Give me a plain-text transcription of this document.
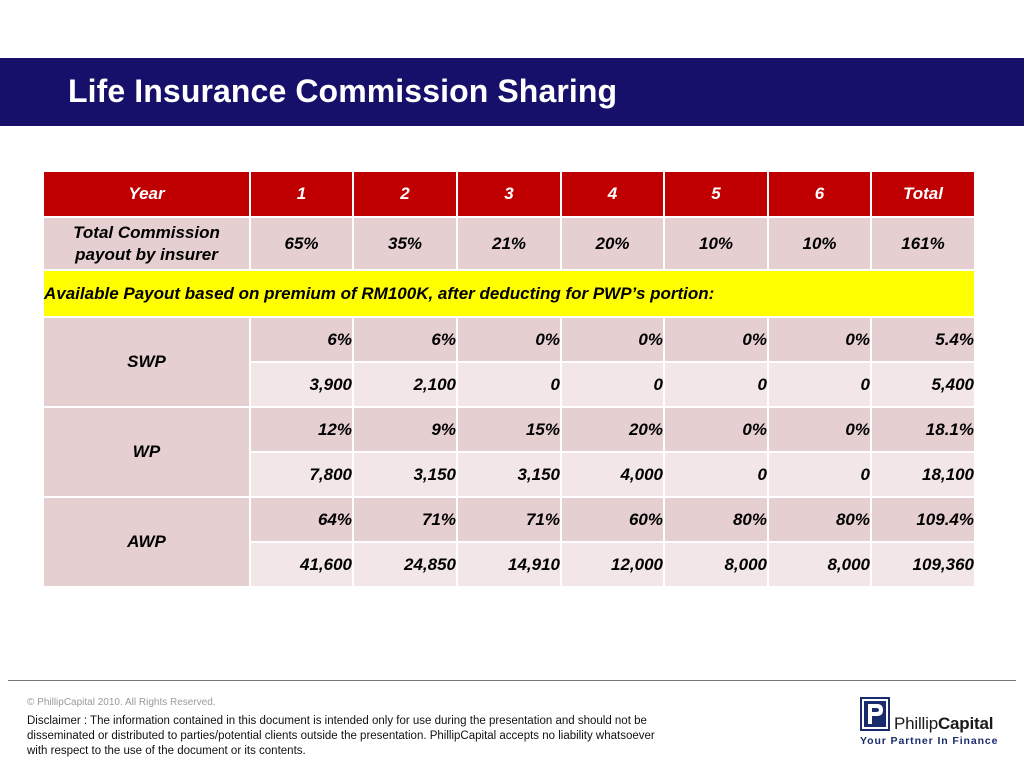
Life Insurance Commission Sharing
Year	1	2	3	4	5	6	Total
Total Commission
payout by insurer	65%	35%	21%	20%	10%	10%	161%
Available Payout based on premium of RM100K, after deducting for PWP’s portion:							
SWP	6%	6%	0%	0%	0%	0%	5.4%
	3,900	2,100	0	0	0	0	5,400
WP	12%	9%	15%	20%	0%	0%	18.1%
	7,800	3,150	3,150	4,000	0	0	18,100
AWP	64%	71%	71%	60%	80%	80%	109.4%
	41,600	24,850	14,910	12,000	8,000	8,000	109,360
© PhillipCapital 2010. All Rights Reserved.
Disclaimer : The information contained in this document is intended only for use during the presentation and should not be disseminated or distributed to parties/potential clients outside the presentation. PhillipCapital accepts no liability whatsoever with respect to the use of the document or its contents.
PhillipCapital
Your Partner In Finance
